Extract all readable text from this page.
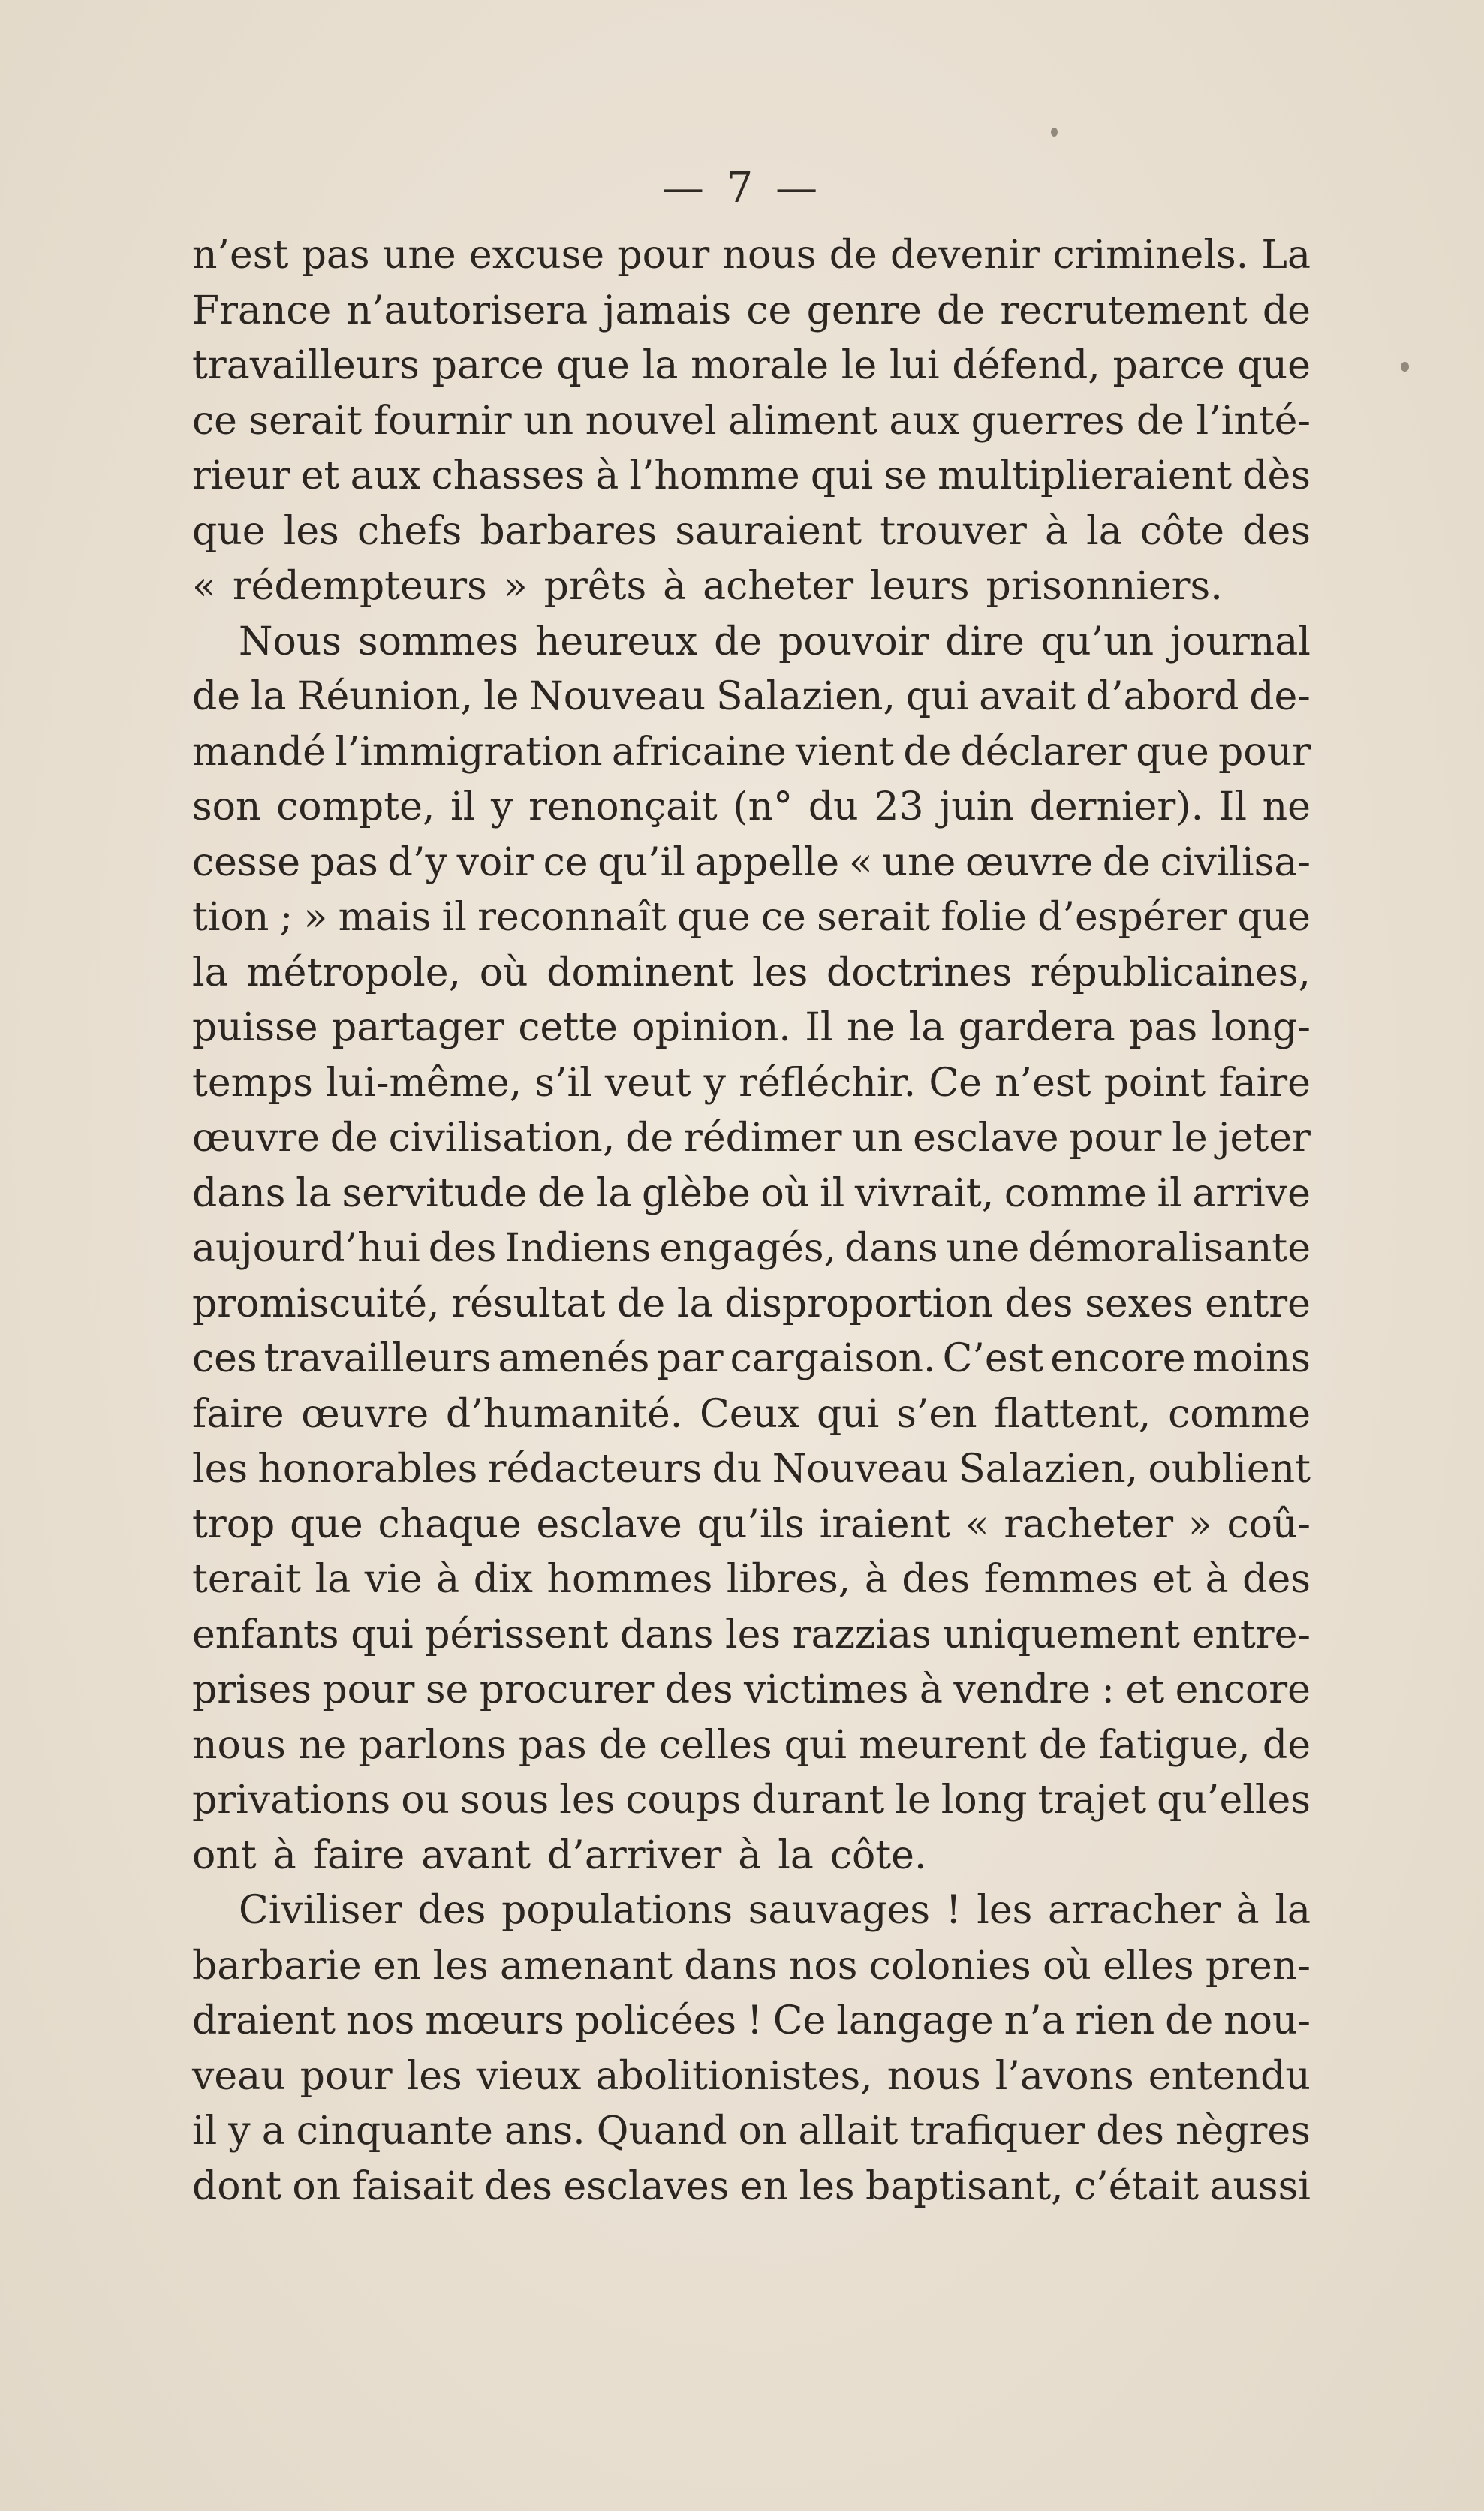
— 7 —
n’est pas une excuse pour nous de devenir criminels. La
France n’autorisera jamais ce genre de recrutement de
travailleurs parce que la morale le lui défend, parce que
ce serait fournir un nouvel aliment aux guerres de l’inté-
rieur et aux chasses à l’homme qui se multiplieraient dès
que les chefs barbares sauraient trouver à la côte des
« rédempteurs » prêts à acheter leurs prisonniers.
Nous sommes heureux de pouvoir dire qu’un journal
de la Réunion, le Nouveau Salazien, qui avait d’abord de-
mandé l’immigration africaine vient de déclarer que pour
son compte, il y renonçait (n° du 23 juin dernier). Il ne
cesse pas d’y voir ce qu’il appelle « une œuvre de civilisa-
tion ; » mais il reconnaît que ce serait folie d’espérer que
la métropole, où dominent les doctrines républicaines,
puisse partager cette opinion. Il ne la gardera pas long-
temps lui-même, s’il veut y réfléchir. Ce n’est point faire
œuvre de civilisation, de rédimer un esclave pour le jeter
dans la servitude de la glèbe où il vivrait, comme il arrive
aujourd’hui des Indiens engagés, dans une démoralisante
promiscuité, résultat de la disproportion des sexes entre
ces travailleurs amenés par cargaison. C’est encore moins
faire œuvre d’humanité. Ceux qui s’en flattent, comme
les honorables rédacteurs du Nouveau Salazien, oublient
trop que chaque esclave qu’ils iraient « racheter » coû-
terait la vie à dix hommes libres, à des femmes et à des
enfants qui périssent dans les razzias uniquement entre-
prises pour se procurer des victimes à vendre : et encore
nous ne parlons pas de celles qui meurent de fatigue, de
privations ou sous les coups durant le long trajet qu’elles
ont à faire avant d’arriver à la côte.
Civiliser des populations sauvages ! les arracher à la
barbarie en les amenant dans nos colonies où elles pren-
draient nos mœurs policées ! Ce langage n’a rien de nou-
veau pour les vieux abolitionistes, nous l’avons entendu
il y a cinquante ans. Quand on allait trafiquer des nègres
dont on faisait des esclaves en les baptisant, c’était aussi
